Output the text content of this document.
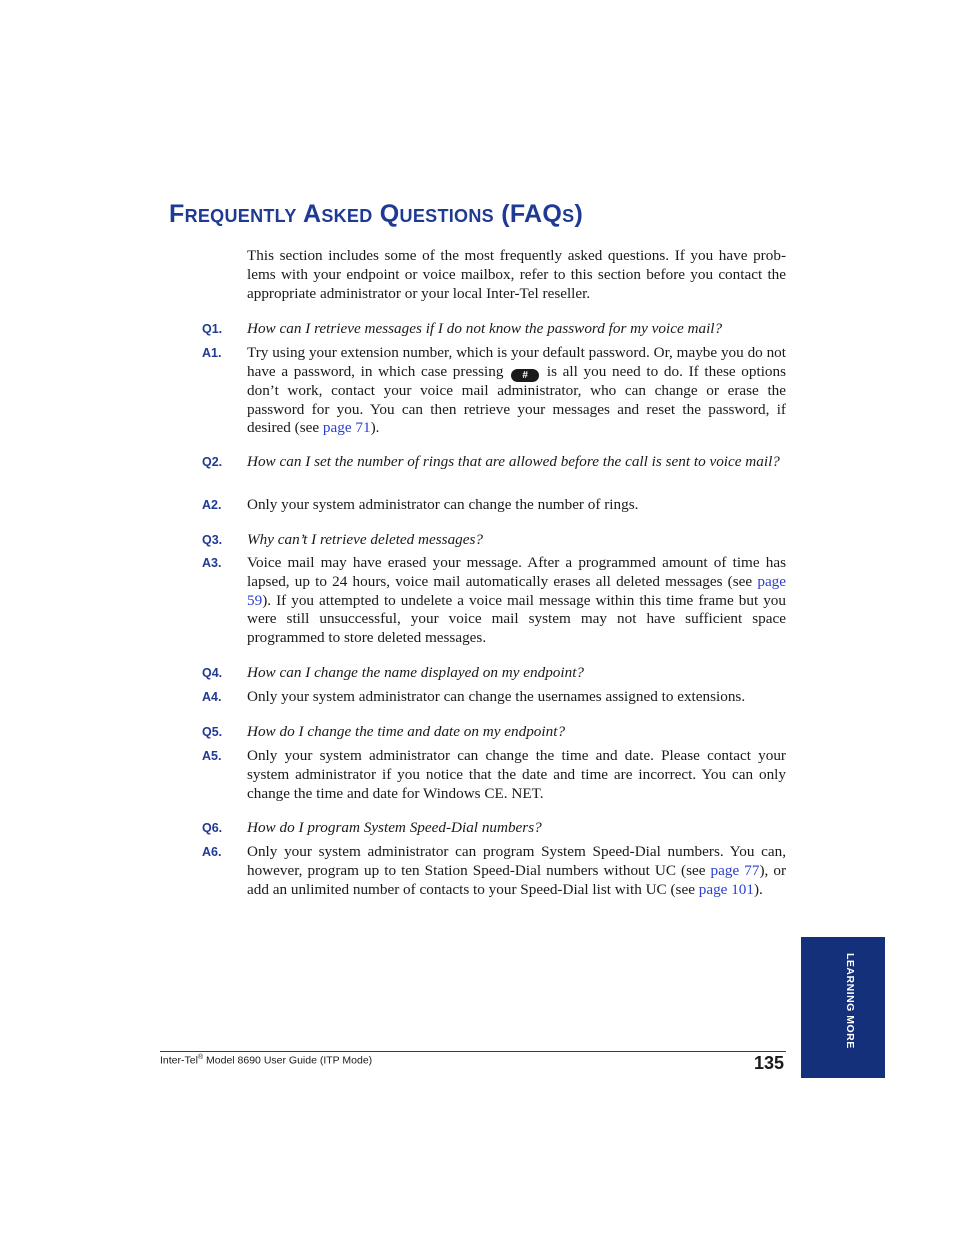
FREQUENTLY ASKED QUESTIONS (FAQS)
This section includes some of the most frequently asked questions. If you have problems with your endpoint or voice mailbox, refer to this section before you contact the appropriate administrator or your local Inter-Tel reseller.
Q1. How can I retrieve messages if I do not know the password for my voice mail?
A1. Try using your extension number, which is your default password. Or, maybe you do not have a password, in which case pressing # is all you need to do. If these options don’t work, contact your voice mail administrator, who can change or erase the password for you. You can then retrieve your messages and reset the password, if desired (see page 71).
Q2. How can I set the number of rings that are allowed before the call is sent to voice mail?
A2. Only your system administrator can change the number of rings.
Q3. Why can’t I retrieve deleted messages?
A3. Voice mail may have erased your message. After a programmed amount of time has lapsed, up to 24 hours, voice mail automatically erases all deleted messages (see page 59). If you attempted to undelete a voice mail message within this time frame but you were still unsuccessful, your voice mail system may not have sufficient space programmed to store deleted messages.
Q4. How can I change the name displayed on my endpoint?
A4. Only your system administrator can change the usernames assigned to extensions.
Q5. How do I change the time and date on my endpoint?
A5. Only your system administrator can change the time and date. Please contact your system administrator if you notice that the date and time are incorrect. You can only change the time and date for Windows CE. NET.
Q6. How do I program System Speed-Dial numbers?
A6. Only your system administrator can program System Speed-Dial numbers. You can, however, program up to ten Station Speed-Dial numbers without UC (see page 77), or add an unlimited number of contacts to your Speed-Dial list with UC (see page 101).
LEARNING MORE
Inter-Tel® Model 8690 User Guide (ITP Mode)	135
